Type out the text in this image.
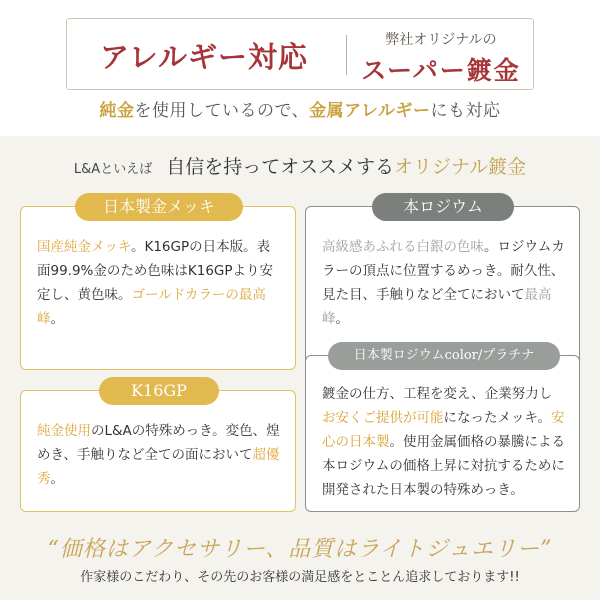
アレルギー対応	弊社オリジナルの
スーパー鍍金
純金を使用しているので、金属アレルギーにも対応
L&Aといえば 自信を持ってオススメするオリジナル鍍金
日本製金メッキ
国産純金メッキ。K16GPの日本版。表面99.9%金のため色味はK16GPより安定し、黄色味。ゴールドカラーの最高峰。
本ロジウム
高級感あふれる白銀の色味。ロジウムカラーの頂点に位置するめっき。耐久性、見た目、手触りなど全てにおいて最高峰。
K16GP
純金使用のL&Aの特殊めっき。変色、煌めき、手触りなど全ての面において超優秀。
日本製ロジウムcolor/プラチナ
鍍金の仕方、工程を変え、企業努力しお安くご提供が可能になったメッキ。安心の日本製。使用金属価格の暴騰による本ロジウムの価格上昇に対抗するために開発された日本製の特殊めっき。
“価格はアクセサリー、品質はライトジュエリー”
作家様のこだわり、その先のお客様の満足感をとことん追求しております!!
